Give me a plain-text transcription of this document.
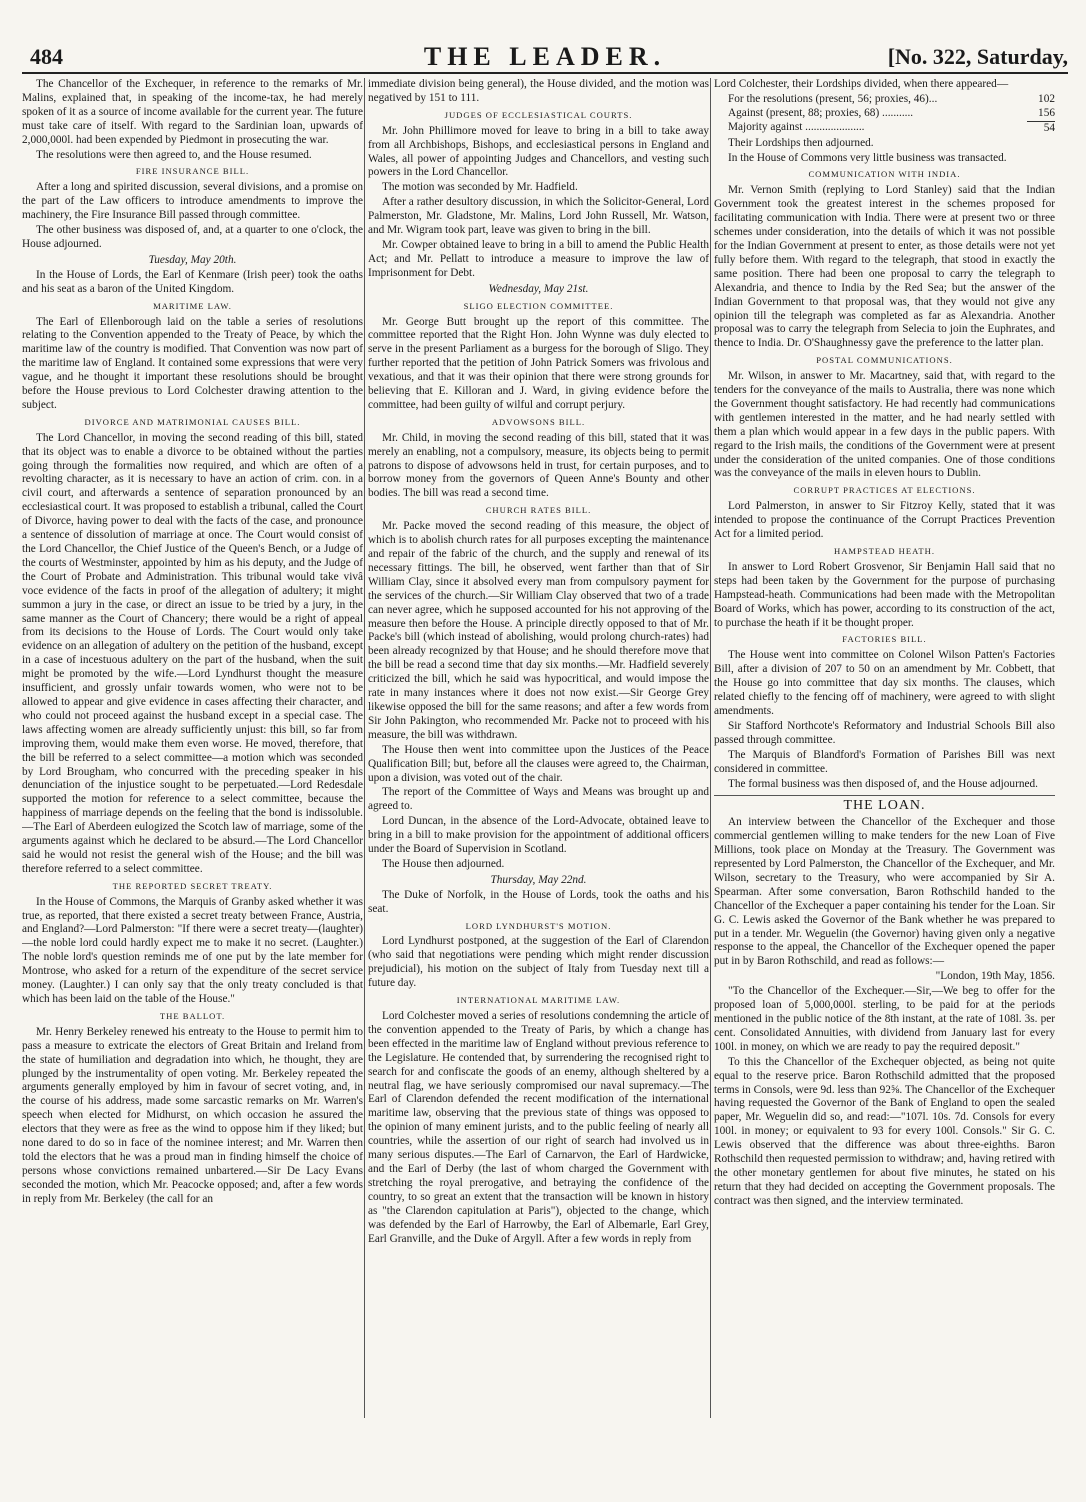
484	THE LEADER.	[No. 322, Saturday,

The Chancellor of the Exchequer, in reference to the remarks of Mr. Malins, explained that, in speaking of the income-tax, he had merely spoken of it as a source of income available for the current year. The future must take care of itself. With regard to the Sardinian loan, upwards of 2,000,000l. had been expended by Piedmont in prosecuting the war.

The resolutions were then agreed to, and the House resumed.

FIRE INSURANCE BILL.

After a long and spirited discussion, several divisions, and a promise on the part of the Law officers to introduce amendments to improve the machinery, the Fire Insurance Bill passed through committee.

The other business was disposed of, and, at a quarter to one o'clock, the House adjourned.

Tuesday, May 20th.

In the House of Lords, the Earl of Kenmare (Irish peer) took the oaths and his seat as a baron of the United Kingdom.

MARITIME LAW.

The Earl of Ellenborough laid on the table a series of resolutions relating to the Convention appended to the Treaty of Peace, by which the maritime law of the country is modified. That Convention was now part of the maritime law of England. It contained some expressions that were very vague, and he thought it important these resolutions should be brought before the House previous to Lord Colchester drawing attention to the subject.

DIVORCE AND MATRIMONIAL CAUSES BILL.

The Lord Chancellor, in moving the second reading of this bill, stated that its object was to enable a divorce to be obtained without the parties going through the formalities now required, and which are often of a revolting character, as it is necessary to have an action of crim. con. in a civil court, and afterwards a sentence of separation pronounced by an ecclesiastical court. It was proposed to establish a tribunal, called the Court of Divorce, having power to deal with the facts of the case, and pronounce a sentence of dissolution of marriage at once. The Court would consist of the Lord Chancellor, the Chief Justice of the Queen's Bench, or a Judge of the courts of Westminster, appointed by him as his deputy, and the Judge of the Court of Probate and Administration. This tribunal would take vivâ voce evidence of the facts in proof of the allegation of adultery; it might summon a jury in the case, or direct an issue to be tried by a jury, in the same manner as the Court of Chancery; there would be a right of appeal from its decisions to the House of Lords. The Court would only take evidence on an allegation of adultery on the petition of the husband, except in a case of incestuous adultery on the part of the husband, when the suit might be promoted by the wife.—Lord Lyndhurst thought the measure insufficient, and grossly unfair towards women, who were not to be allowed to appear and give evidence in cases affecting their character, and who could not proceed against the husband except in a special case. The laws affecting women are already sufficiently unjust: this bill, so far from improving them, would make them even worse. He moved, therefore, that the bill be referred to a select committee—a motion which was seconded by Lord Brougham, who concurred with the preceding speaker in his denunciation of the injustice sought to be perpetuated.—Lord Redesdale supported the motion for reference to a select committee, because the happiness of marriage depends on the feeling that the bond is indissoluble.—The Earl of Aberdeen eulogized the Scotch law of marriage, some of the arguments against which he declared to be absurd.—The Lord Chancellor said he would not resist the general wish of the House; and the bill was therefore referred to a select committee.

THE REPORTED SECRET TREATY.

In the House of Commons, the Marquis of Granby asked whether it was true, as reported, that there existed a secret treaty between France, Austria, and England?—Lord Palmerston: "If there were a secret treaty—(laughter)—the noble lord could hardly expect me to make it no secret. (Laughter.) The noble lord's question reminds me of one put by the late member for Montrose, who asked for a return of the expenditure of the secret service money. (Laughter.) I can only say that the only treaty concluded is that which has been laid on the table of the House."

THE BALLOT.

Mr. Henry Berkeley renewed his entreaty to the House to permit him to pass a measure to extricate the electors of Great Britain and Ireland from the state of humiliation and degradation into which, he thought, they are plunged by the instrumentality of open voting. Mr. Berkeley repeated the arguments generally employed by him in favour of secret voting, and, in the course of his address, made some sarcastic remarks on Mr. Warren's speech when elected for Midhurst, on which occasion he assured the electors that they were as free as the wind to oppose him if they liked; but none dared to do so in face of the nominee interest; and Mr. Warren then told the electors that he was a proud man in finding himself the choice of persons whose convictions remained unbartered.—Sir De Lacy Evans seconded the motion, which Mr. Peacocke opposed; and, after a few words in reply from Mr. Berkeley (the call for an

immediate division being general), the House divided, and the motion was negatived by 151 to 111.

JUDGES OF ECCLESIASTICAL COURTS.

Mr. John Phillimore moved for leave to bring in a bill to take away from all Archbishops, Bishops, and ecclesiastical persons in England and Wales, all power of appointing Judges and Chancellors, and vesting such powers in the Lord Chancellor.

The motion was seconded by Mr. Hadfield.

After a rather desultory discussion, in which the Solicitor-General, Lord Palmerston, Mr. Gladstone, Mr. Malins, Lord John Russell, Mr. Watson, and Mr. Wigram took part, leave was given to bring in the bill.

Mr. Cowper obtained leave to bring in a bill to amend the Public Health Act; and Mr. Pellatt to introduce a measure to improve the law of Imprisonment for Debt.

Wednesday, May 21st.
SLIGO ELECTION COMMITTEE.

Mr. George Butt brought up the report of this committee. The committee reported that the Right Hon. John Wynne was duly elected to serve in the present Parliament as a burgess for the borough of Sligo. They further reported that the petition of John Patrick Somers was frivolous and vexatious, and that it was their opinion that there were strong grounds for believing that E. Killoran and J. Ward, in giving evidence before the committee, had been guilty of wilful and corrupt perjury.

ADVOWSONS BILL.

Mr. Child, in moving the second reading of this bill, stated that it was merely an enabling, not a compulsory, measure, its objects being to permit patrons to dispose of advowsons held in trust, for certain purposes, and to borrow money from the governors of Queen Anne's Bounty and other bodies. The bill was read a second time.

CHURCH RATES BILL.

Mr. Packe moved the second reading of this measure, the object of which is to abolish church rates for all purposes excepting the maintenance and repair of the fabric of the church, and the supply and renewal of its necessary fittings. The bill, he observed, went farther than that of Sir William Clay, since it absolved every man from compulsory payment for the services of the church.—Sir William Clay observed that two of a trade can never agree, which he supposed accounted for his not approving of the measure then before the House. A principle directly opposed to that of Mr. Packe's bill (which instead of abolishing, would prolong church-rates) had been already recognized by that House; and he should therefore move that the bill be read a second time that day six months.—Mr. Hadfield severely criticized the bill, which he said was hypocritical, and would impose the rate in many instances where it does not now exist.—Sir George Grey likewise opposed the bill for the same reasons; and after a few words from Sir John Pakington, who recommended Mr. Packe not to proceed with his measure, the bill was withdrawn.

The House then went into committee upon the Justices of the Peace Qualification Bill; but, before all the clauses were agreed to, the Chairman, upon a division, was voted out of the chair.

The report of the Committee of Ways and Means was brought up and agreed to.

Lord Duncan, in the absence of the Lord-Advocate, obtained leave to bring in a bill to make provision for the appointment of additional officers under the Board of Supervision in Scotland.

The House then adjourned.

Thursday, May 22nd.

The Duke of Norfolk, in the House of Lords, took the oaths and his seat.

LORD LYNDHURST'S MOTION.

Lord Lyndhurst postponed, at the suggestion of the Earl of Clarendon (who said that negotiations were pending which might render discussion prejudicial), his motion on the subject of Italy from Tuesday next till a future day.

INTERNATIONAL MARITIME LAW.

Lord Colchester moved a series of resolutions condemning the article of the convention appended to the Treaty of Paris, by which a change has been effected in the maritime law of England without previous reference to the Legislature. He contended that, by surrendering the recognised right to search for and confiscate the goods of an enemy, although sheltered by a neutral flag, we have seriously compromised our naval supremacy.—The Earl of Clarendon defended the recent modification of the international maritime law, observing that the previous state of things was opposed to the opinion of many eminent jurists, and to the public feeling of nearly all countries, while the assertion of our right of search had involved us in many serious disputes.—The Earl of Carnarvon, the Earl of Hardwicke, and the Earl of Derby (the last of whom charged the Government with stretching the royal prerogative, and betraying the confidence of the country, to so great an extent that the transaction will be known in history as "the Clarendon capitulation at Paris"), objected to the change, which was defended by the Earl of Harrowby, the Earl of Albemarle, Earl Grey, Earl Granville, and the Duke of Argyll. After a few words in reply from

Lord Colchester, their Lordships divided, when there appeared—

For the resolutions (present, 56; proxies, 46)...	102
Against (present, 88; proxies, 68) ...........	156
Majority against .....................	54

Their Lordships then adjourned.

In the House of Commons very little business was transacted.

COMMUNICATION WITH INDIA.

Mr. Vernon Smith (replying to Lord Stanley) said that the Indian Government took the greatest interest in the schemes proposed for facilitating communication with India. There were at present two or three schemes under consideration, into the details of which it was not possible for the Indian Government at present to enter, as those details were not yet fully before them. With regard to the telegraph, that stood in exactly the same position. There had been one proposal to carry the telegraph to Alexandria, and thence to India by the Red Sea; but the answer of the Indian Government to that proposal was, that they would not give any opinion till the telegraph was completed as far as Alexandria. Another proposal was to carry the telegraph from Selecia to join the Euphrates, and thence to India. Dr. O'Shaughnessy gave the preference to the latter plan.

POSTAL COMMUNICATIONS.

Mr. Wilson, in answer to Mr. Macartney, said that, with regard to the tenders for the conveyance of the mails to Australia, there was none which the Government thought satisfactory. He had recently had communications with gentlemen interested in the matter, and he had nearly settled with them a plan which would appear in a few days in the public papers. With regard to the Irish mails, the conditions of the Government were at present under the consideration of the united companies. One of those conditions was the conveyance of the mails in eleven hours to Dublin.

CORRUPT PRACTICES AT ELECTIONS.

Lord Palmerston, in answer to Sir Fitzroy Kelly, stated that it was intended to propose the continuance of the Corrupt Practices Prevention Act for a limited period.

HAMPSTEAD HEATH.

In answer to Lord Robert Grosvenor, Sir Benjamin Hall said that no steps had been taken by the Government for the purpose of purchasing Hampstead-heath. Communications had been made with the Metropolitan Board of Works, which has power, according to its construction of the act, to purchase the heath if it be thought proper.

FACTORIES BILL.

The House went into committee on Colonel Wilson Patten's Factories Bill, after a division of 207 to 50 on an amendment by Mr. Cobbett, that the House go into committee that day six months. The clauses, which related chiefly to the fencing off of machinery, were agreed to with slight amendments.

Sir Stafford Northcote's Reformatory and Industrial Schools Bill also passed through committee.

The Marquis of Blandford's Formation of Parishes Bill was next considered in committee.

The formal business was then disposed of, and the House adjourned.

THE LOAN.

An interview between the Chancellor of the Exchequer and those commercial gentlemen willing to make tenders for the new Loan of Five Millions, took place on Monday at the Treasury. The Government was represented by Lord Palmerston, the Chancellor of the Exchequer, and Mr. Wilson, secretary to the Treasury, who were accompanied by Sir A. Spearman. After some conversation, Baron Rothschild handed to the Chancellor of the Exchequer a paper containing his tender for the Loan. Sir G. C. Lewis asked the Governor of the Bank whether he was prepared to put in a tender. Mr. Weguelin (the Governor) having given only a negative response to the appeal, the Chancellor of the Exchequer opened the paper put in by Baron Rothschild, and read as follows:—

"London, 19th May, 1856.

"To the Chancellor of the Exchequer.—Sir,—We beg to offer for the proposed loan of 5,000,000l. sterling, to be paid for at the periods mentioned in the public notice of the 8th instant, at the rate of 108l. 3s. per cent. Consolidated Annuities, with dividend from January last for every 100l. in money, on which we are ready to pay the required deposit."

To this the Chancellor of the Exchequer objected, as being not quite equal to the reserve price. Baron Rothschild admitted that the proposed terms in Consols, were 9d. less than 92⅝. The Chancellor of the Exchequer having requested the Governor of the Bank of England to open the sealed paper, Mr. Weguelin did so, and read:—"107l. 10s. 7d. Consols for every 100l. in money; or equivalent to 93 for every 100l. Consols." Sir G. C. Lewis observed that the difference was about three-eighths. Baron Rothschild then requested permission to withdraw; and, having retired with the other monetary gentlemen for about five minutes, he stated on his return that they had decided on accepting the Government proposals. The contract was then signed, and the interview terminated.
